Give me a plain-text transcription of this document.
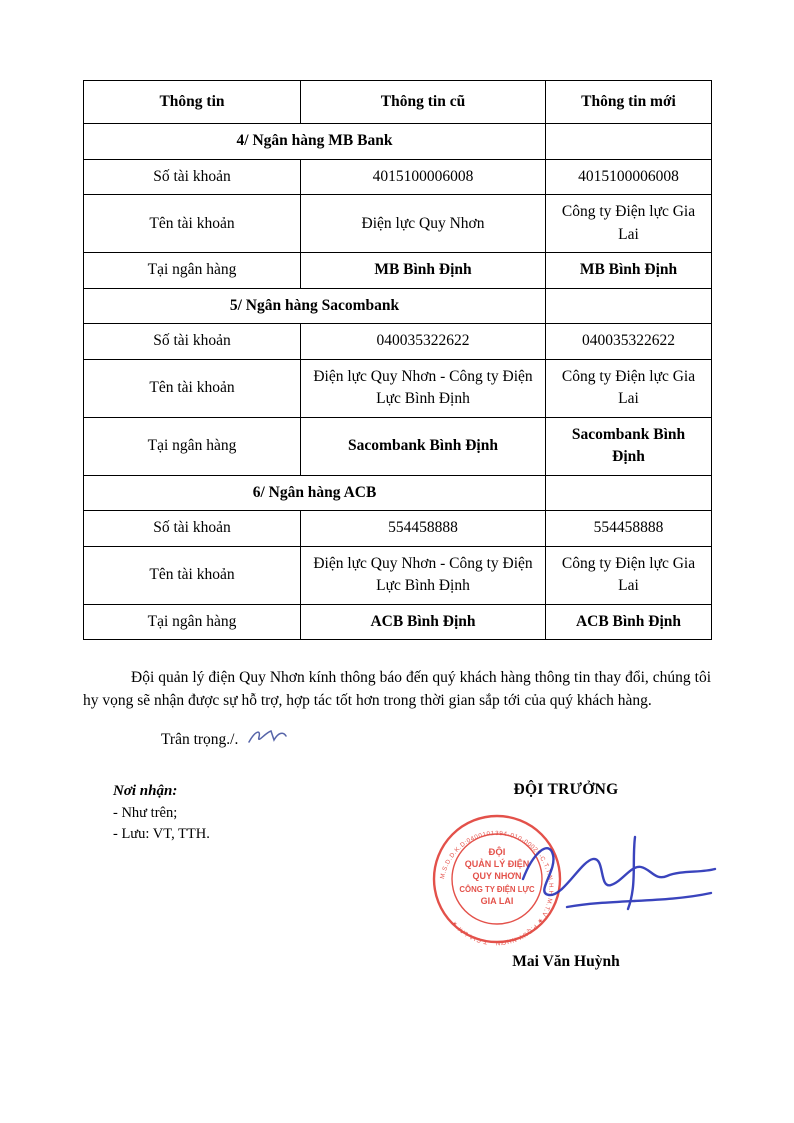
Thông tin	Thông tin cũ	Thông tin mới
4/ Ngân hàng MB Bank		
Số tài khoản	4015100006008	4015100006008
Tên tài khoản	Điện lực Quy Nhơn	Công ty Điện lực Gia Lai
Tại ngân hàng	MB Bình Định	MB Bình Định
5/ Ngân hàng Sacombank		
Số tài khoản	040035322622	040035322622
Tên tài khoản	Điện lực Quy Nhơn - Công ty Điện Lực Bình Định	Công ty Điện lực Gia Lai
Tại ngân hàng	Sacombank Bình Định	Sacombank Bình Định
6/ Ngân hàng ACB		
Số tài khoản	554458888	554458888
Tên tài khoản	Điện lực Quy Nhơn - Công ty Điện Lực Bình Định	Công ty Điện lực Gia Lai
Tại ngân hàng	ACB Bình Định	ACB Bình Định

Đội quản lý điện Quy Nhơn kính thông báo đến quý khách hàng thông tin thay đổi, chúng tôi hy vọng sẽ nhận được sự hỗ trợ, hợp tác tốt hơn trong thời gian sắp tới của quý khách hàng.

Trân trọng./.
Nơi nhận:
- Như trên;
- Lưu: VT, TTH.
ĐỘI TRƯỞNG
M.S.D.D.K.D:0400101394-010-00025-C.T.T.N.H.H M.T.V ★ P.QUY NHƠN - T.GIA LAI ★
ĐỘI
QUẢN LÝ ĐIỆN
QUY NHƠN
CÔNG TY ĐIỆN LỰC
GIA LAI
Mai Văn Huỳnh
